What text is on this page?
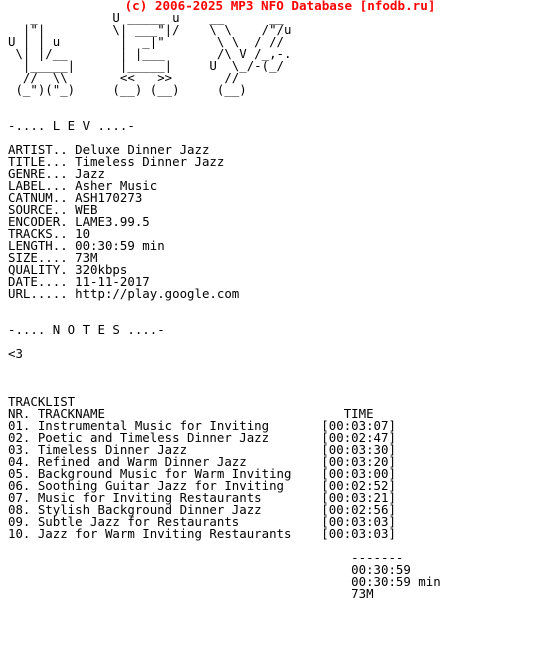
(c) 2006-2025 MP3 NFO Database [nfodb.ru]
_          U _____ u    __      __
|"|         \| ___"|/    \ \    /"/u
U | | u        |  _|"       \ \  / //
\| |/__       | |___       /\ V /_,-.
|_____|      |_____|     U  \_/-(_/
//  \\       <<   >>       //
(_")("_)     (__) (__)     (__)
-.... L E V ....-
ARTIST.. Deluxe Dinner Jazz
TITLE... Timeless Dinner Jazz
GENRE... Jazz
LABEL... Asher Music
CATNUM.. ASH170273
SOURCE.. WEB
ENCODER. LAME3.99.5
TRACKS.. 10
LENGTH.. 00:30:59 min
SIZE.... 73M
QUALITY. 320kbps
DATE.... 11-11-2017
URL..... http://play.google.com
-.... N O T E S ....-
<3
TRACKLIST
NR. TRACKNAME                                TIME
01. Instrumental Music for Inviting       [00:03:07]
02. Poetic and Timeless Dinner Jazz       [00:02:47]
03. Timeless Dinner Jazz                  [00:03:30]
04. Refined and Warm Dinner Jazz          [00:03:20]
05. Background Music for Warm Inviting    [00:03:00]
06. Soothing Guitar Jazz for Inviting     [00:02:52]
07. Music for Inviting Restaurants        [00:03:21]
08. Stylish Background Dinner Jazz        [00:02:56]
09. Subtle Jazz for Restaurants           [00:03:03]
10. Jazz for Warm Inviting Restaurants    [00:03:03]
-------
00:30:59
00:30:59 min
73M
